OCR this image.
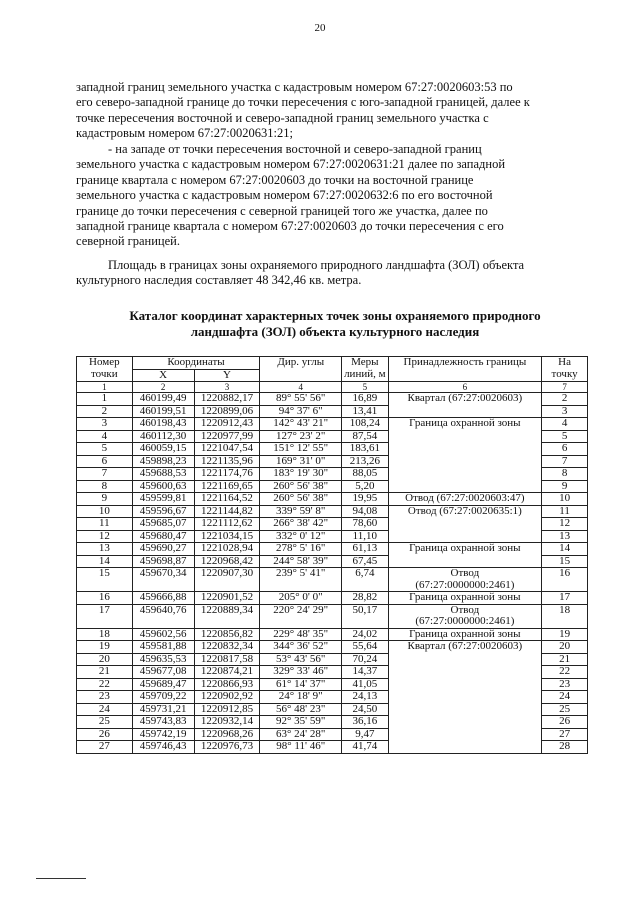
20
западной границ земельного участка с кадастровым номером 67:27:0020603:53 по
его северо-западной границе до точки пересечения с юго-западной границей, далее к
точке пересечения восточной и северо-западной границ земельного участка с
кадастровым номером 67:27:0020631:21;
- на западе от точки пересечения восточной и северо-западной границ
земельного участка с кадастровым номером 67:27:0020631:21 далее по западной
границе квартала с номером 67:27:0020603 до точки на восточной границе
земельного участка с кадастровым номером 67:27:0020632:6 по его восточной
границе до точки пересечения с северной границей того же участка, далее по
западной границе квартала с номером 67:27:0020603 до точки пересечения с его
северной границей.
Площадь в границах зоны охраняемого природного ландшафта (ЗОЛ) объекта
культурного наследия составляет 48 342,46 кв. метра.
Каталог координат характерных точек зоны охраняемого природного
ландшафта (ЗОЛ) объекта культурного наследия
Номер
точки	Координаты		Дир. углы	Меры
линий, м	Принадлежность границы	На
точку
	X	Y				
1	2	3	4	5	6	7
1	460199,49	1220882,17	89° 55' 56"	16,89	Квартал (67:27:0020603)	2
2	460199,51	1220899,06	94° 37' 6"	13,41		3
3	460198,43	1220912,43	142° 43' 21"	108,24	Граница охранной зоны	4
4	460112,30	1220977,99	127° 23' 2"	87,54		5
5	460059,15	1221047,54	151° 12' 55"	183,61		6
6	459898,23	1221135,96	169° 31' 0"	213,26		7
7	459688,53	1221174,76	183° 19' 30"	88,05		8
8	459600,63	1221169,65	260° 56' 38"	5,20		9
9	459599,81	1221164,52	260° 56' 38"	19,95	Отвод (67:27:0020603:47)	10
10	459596,67	1221144,82	339° 59' 8"	94,08	Отвод (67:27:0020635:1)	11
11	459685,07	1221112,62	266° 38' 42"	78,60		12
12	459680,47	1221034,15	332° 0' 12"	11,10		13
13	459690,27	1221028,94	278° 5' 16"	61,13	Граница охранной зоны	14
14	459698,87	1220968,42	244° 58' 39"	67,45		15
15	459670,34	1220907,30	239° 5' 41"	6,74	Отвод
(67:27:0000000:2461)	16
16	459666,88	1220901,52	205° 0' 0"	28,82	Граница охранной зоны	17
17	459640,76	1220889,34	220° 24' 29"	50,17	Отвод
(67:27:0000000:2461)	18
18	459602,56	1220856,82	229° 48' 35"	24,02	Граница охранной зоны	19
19	459581,88	1220832,34	344° 36' 52"	55,64	Квартал (67:27:0020603)	20
20	459635,53	1220817,58	53° 43' 56"	70,24		21
21	459677,08	1220874,21	329° 33' 46"	14,37		22
22	459689,47	1220866,93	61° 14' 37"	41,05		23
23	459709,22	1220902,92	24° 18' 9"	24,13		24
24	459731,21	1220912,85	56° 48' 23"	24,50		25
25	459743,83	1220932,14	92° 35' 59"	36,16		26
26	459742,19	1220968,26	63° 24' 28"	9,47		27
27	459746,43	1220976,73	98° 11' 46"	41,74		28
